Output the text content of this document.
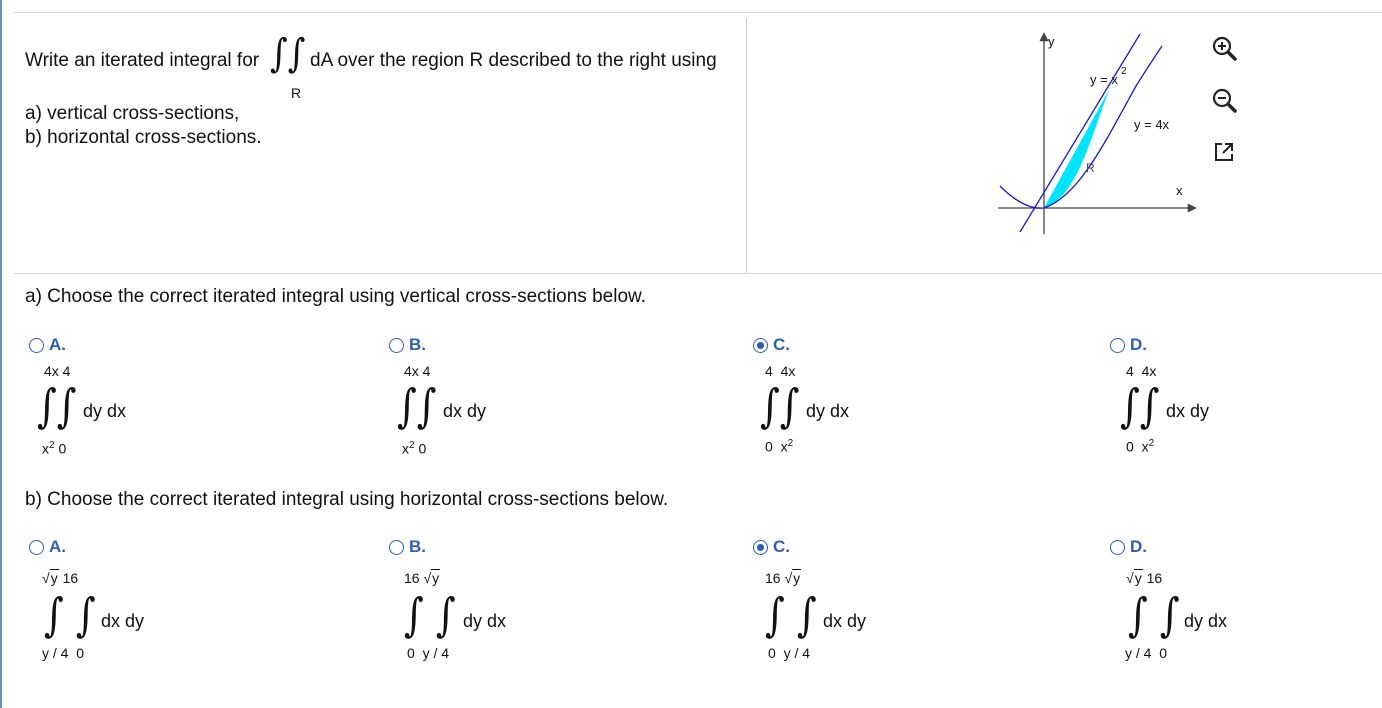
Write an iterated integral for ∫∫
R
dA over the region R described to the right using
a) vertical cross-sections,
b) horizontal cross-sections.
y
x
y = x
2
y = 4x
R
a) Choose the correct iterated integral using vertical cross-sections below.
A.
4x 4
∫∫ dy dx
$x^2$ 0
B.
4x 4
∫∫ dx dy
$x^2$ 0
C.
4  4x
∫∫ dy dx
0  $x^2$
D.
4  4x
∫∫ dx dy
0  $x^2$
b) Choose the correct iterated integral using horizontal cross-sections below.
A.
√y 16
∫ ∫ dx dy
y / 4  0
B.
16 √y
∫ ∫ dy dx
0  y / 4
C.
16 √y
∫ ∫ dx dy
0  y / 4
D.
√y 16
∫ ∫ dy dx
y / 4  0
